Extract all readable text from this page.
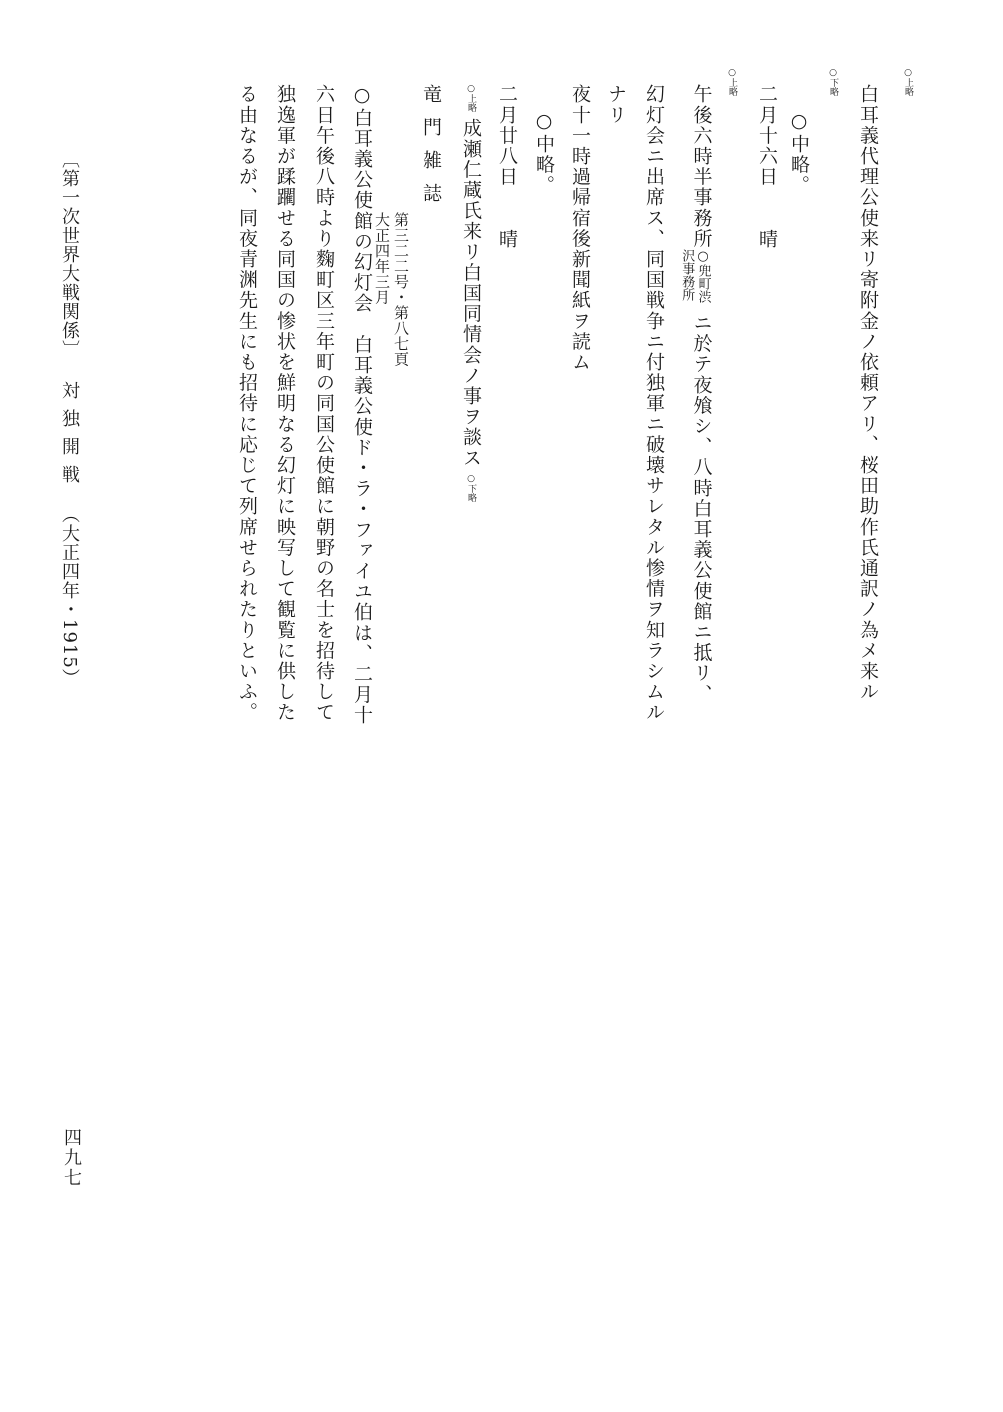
○上略
白耳義代理公使来リ寄附金ノ依頼アリ、桜田助作氏通訳ノ為メ来ル
○下略
○中略。
二月十六日晴
○上略
午後六時半事務所○兜町渋
沢事務所ニ於テ夜飧シ、八時白耳義公使館ニ抵リ、
幻灯会ニ出席ス、同国戦争ニ付独軍ニ破壊サレタル惨情ヲ知ラシムル
ナリ
夜十一時過帰宿後新聞紙ヲ読ム
○中略。
二月廿八日晴
○上略成瀬仁蔵氏来リ白国同情会ノ事ヲ談ス○下略
竜門雑誌
第三二二号・第八七頁
大正四年三月
○白耳義公使館の幻灯会　白耳義公使ド・ラ・ファイユ伯は、二月十
六日午後八時より麴町区三年町の同国公使館に朝野の名士を招待して
独逸軍が蹂躙せる同国の惨状を鮮明なる幻灯に映写して観覧に供した
る由なるが、同夜青渊先生にも招待に応じて列席せられたりといふ。
〔第一次世界大戦関係〕対独開戦（大正四年・1915）
四九七
